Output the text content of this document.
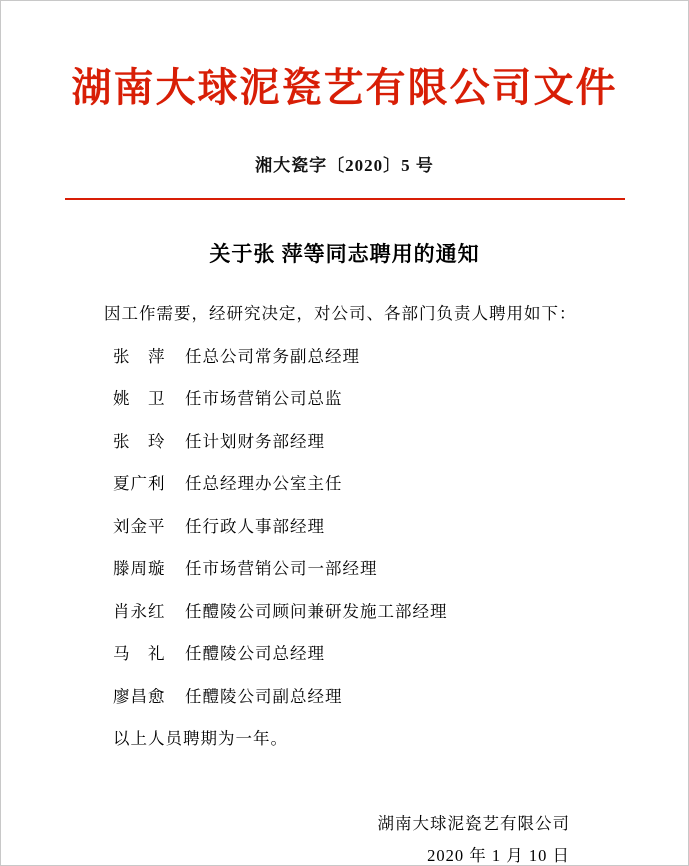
湖南大球泥瓷艺有限公司文件
湘大瓷字〔2020〕5 号
关于张 萍等同志聘用的通知

因工作需要，经研究决定，对公司、各部门负责人聘用如下：

张　萍	任总公司常务副总经理
姚　卫	任市场营销公司总监
张　玲	任计划财务部经理
夏广利	任总经理办公室主任
刘金平	任行政人事部经理
滕周璇	任市场营销公司一部经理
肖永红	任醴陵公司顾问兼研发施工部经理
马　礼	任醴陵公司总经理
廖昌愈	任醴陵公司副总经理

以上人员聘期为一年。

湖南大球泥瓷艺有限公司
2020 年 1 月 10 日
